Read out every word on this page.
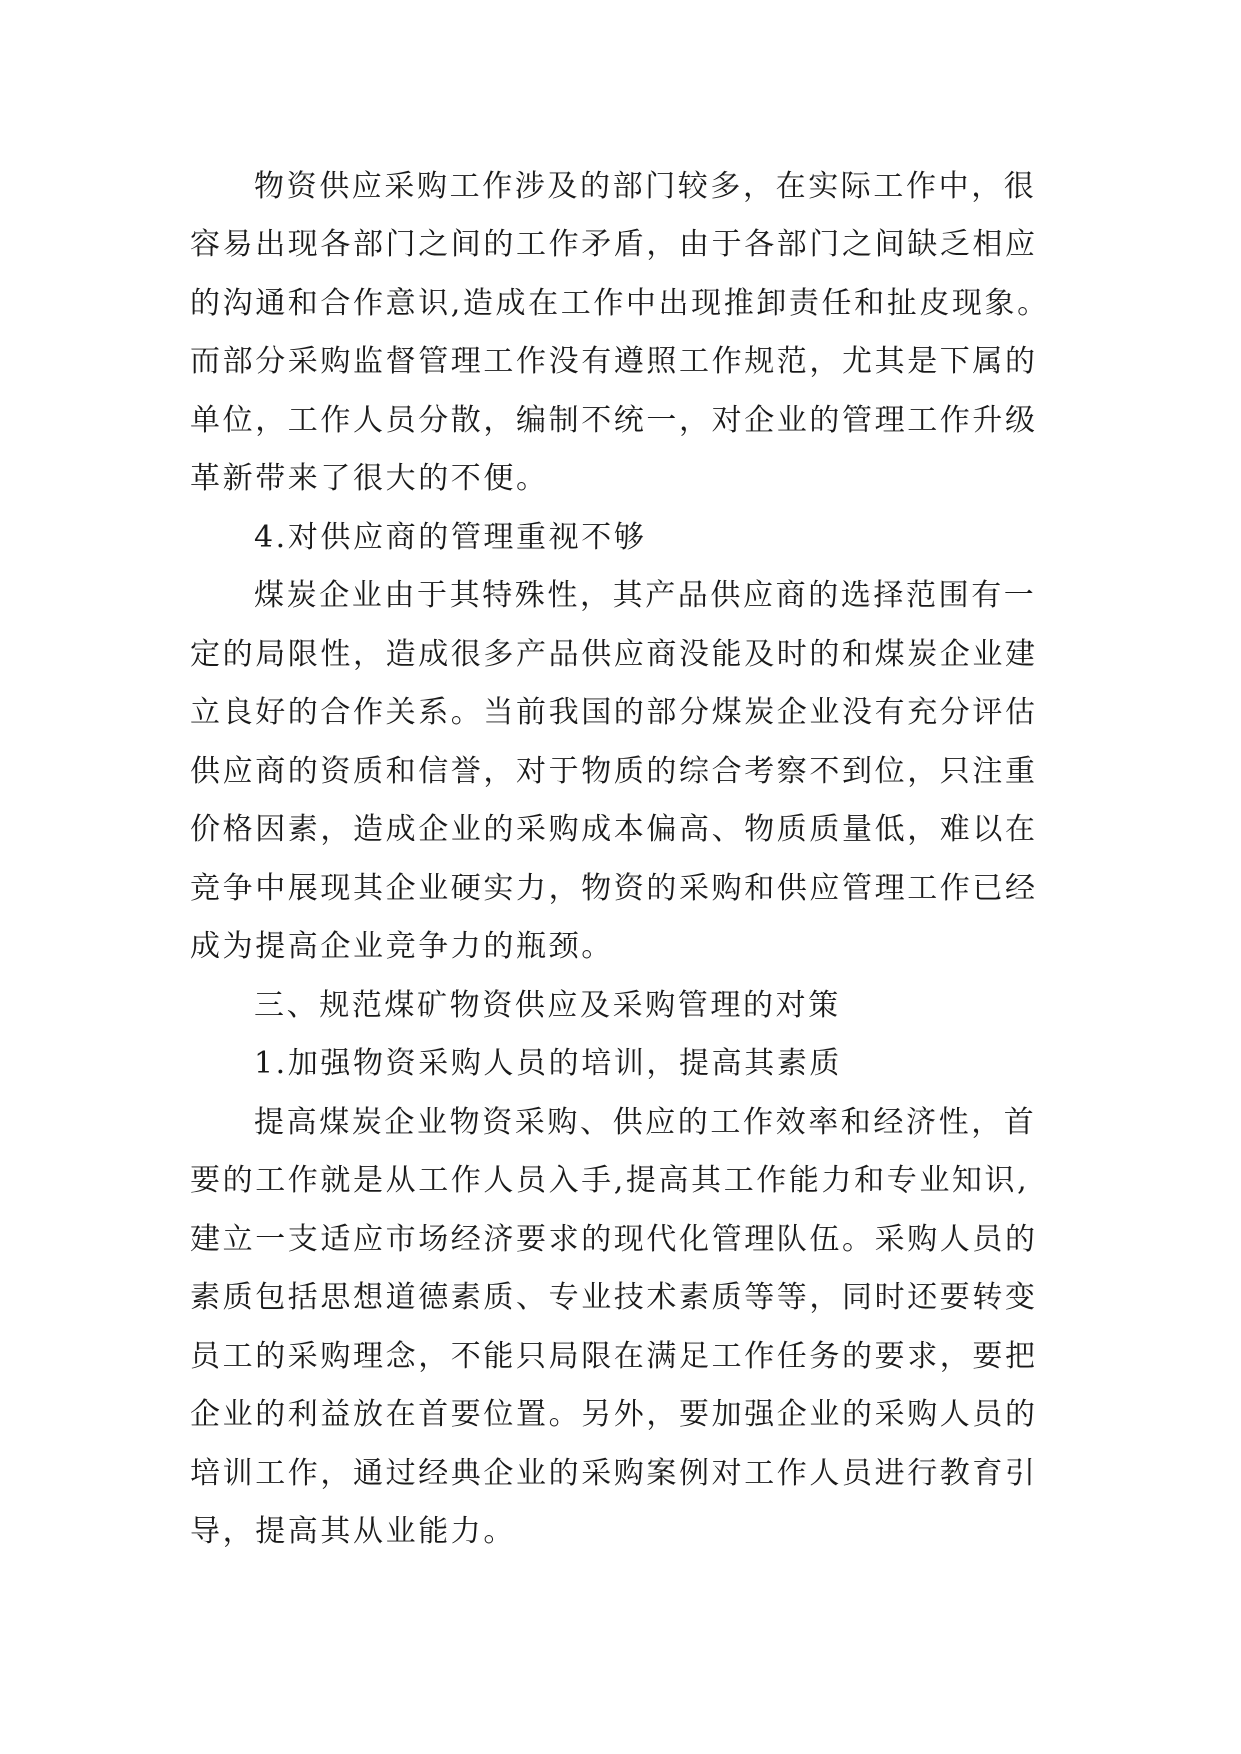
物资供应采购工作涉及的部门较多，在实际工作中，很
容易出现各部门之间的工作矛盾，由于各部门之间缺乏相应
的沟通和合作意识,造成在工作中出现推卸责任和扯皮现象。
而部分采购监督管理工作没有遵照工作规范，尤其是下属的
单位，工作人员分散，编制不统一，对企业的管理工作升级
革新带来了很大的不便。
4.对供应商的管理重视不够
煤炭企业由于其特殊性，其产品供应商的选择范围有一
定的局限性，造成很多产品供应商没能及时的和煤炭企业建
立良好的合作关系。当前我国的部分煤炭企业没有充分评估
供应商的资质和信誉，对于物质的综合考察不到位，只注重
价格因素，造成企业的采购成本偏高、物质质量低，难以在
竞争中展现其企业硬实力，物资的采购和供应管理工作已经
成为提高企业竞争力的瓶颈。
三、规范煤矿物资供应及采购管理的对策
1.加强物资采购人员的培训，提高其素质
提高煤炭企业物资采购、供应的工作效率和经济性，首
要的工作就是从工作人员入手,提高其工作能力和专业知识,
建立一支适应市场经济要求的现代化管理队伍。采购人员的
素质包括思想道德素质、专业技术素质等等，同时还要转变
员工的采购理念，不能只局限在满足工作任务的要求，要把
企业的利益放在首要位置。另外，要加强企业的采购人员的
培训工作，通过经典企业的采购案例对工作人员进行教育引
导，提高其从业能力。
